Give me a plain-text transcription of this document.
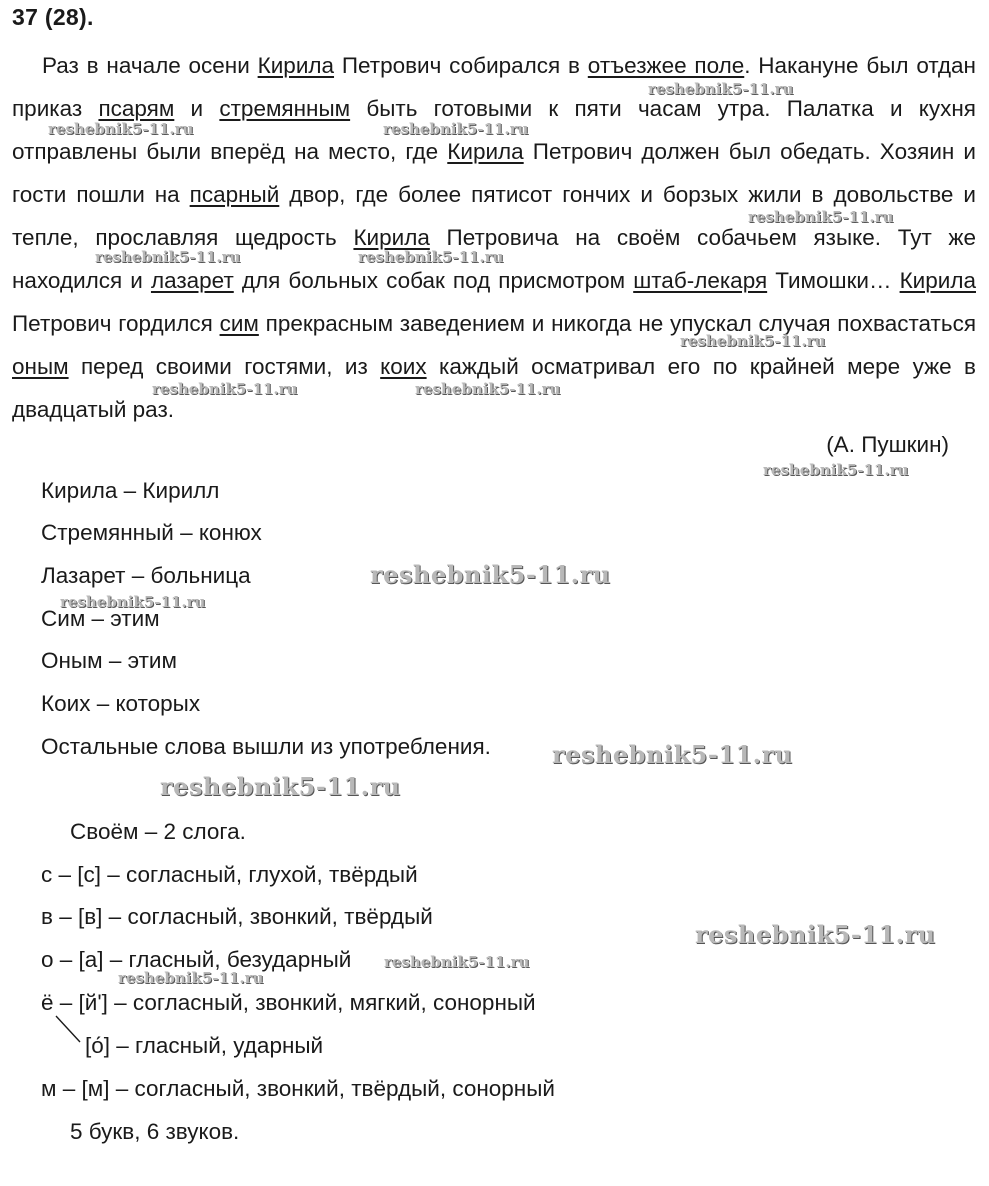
37 (28).

Раз в начале осени Кирила Петрович собирался в отъезжее поле. Накануне был отдан приказ псарям и стремянным быть готовыми к пяти часам утра. Палатка и кухня отправлены были вперёд на место, где Кирила Петрович должен был обедать. Хозяин и гости пошли на псарный двор, где более пятисот гончих и борзых жили в довольстве и тепле, прославляя щедрость Кирила Петровича на своём собачьем языке. Тут же находился и лазарет для больных собак под присмотром штаб-лекаря Тимошки… Кирила Петрович гордился сим прекрасным заведением и никогда не упускал случая похвастаться оным перед своими гостями, из коих каждый осматривал его по крайней мере уже в двадцатый раз.

(А. Пушкин)
Кирила – Кирилл
Стремянный – конюх
Лазарет – больница
Сим – этим
Оным – этим
Коих – которых
Остальные слова вышли из употребления.
Своём – 2 слога.
с – [с] – согласный, глухой, твёрдый
в – [в] – согласный, звонкий, твёрдый
о – [а] – гласный, безударный
ё – [й'] – согласный, звонкий, мягкий, сонорный
[о́] – гласный, ударный
м – [м] – согласный, звонкий, твёрдый, сонорный
5 букв, 6 звуков.
reshebnik5-11.ru
reshebnik5-11.ru	reshebnik5-11.ru
reshebnik5-11.ru
reshebnik5-11.ru	reshebnik5-11.ru
reshebnik5-11.ru
reshebnik5-11.ru	reshebnik5-11.ru
reshebnik5-11.ru
reshebnik5-11.ru
reshebnik5-11.ru
reshebnik5-11.ru
reshebnik5-11.ru
reshebnik5-11.ru
reshebnik5-11.ru
reshebnik5-11.ru
